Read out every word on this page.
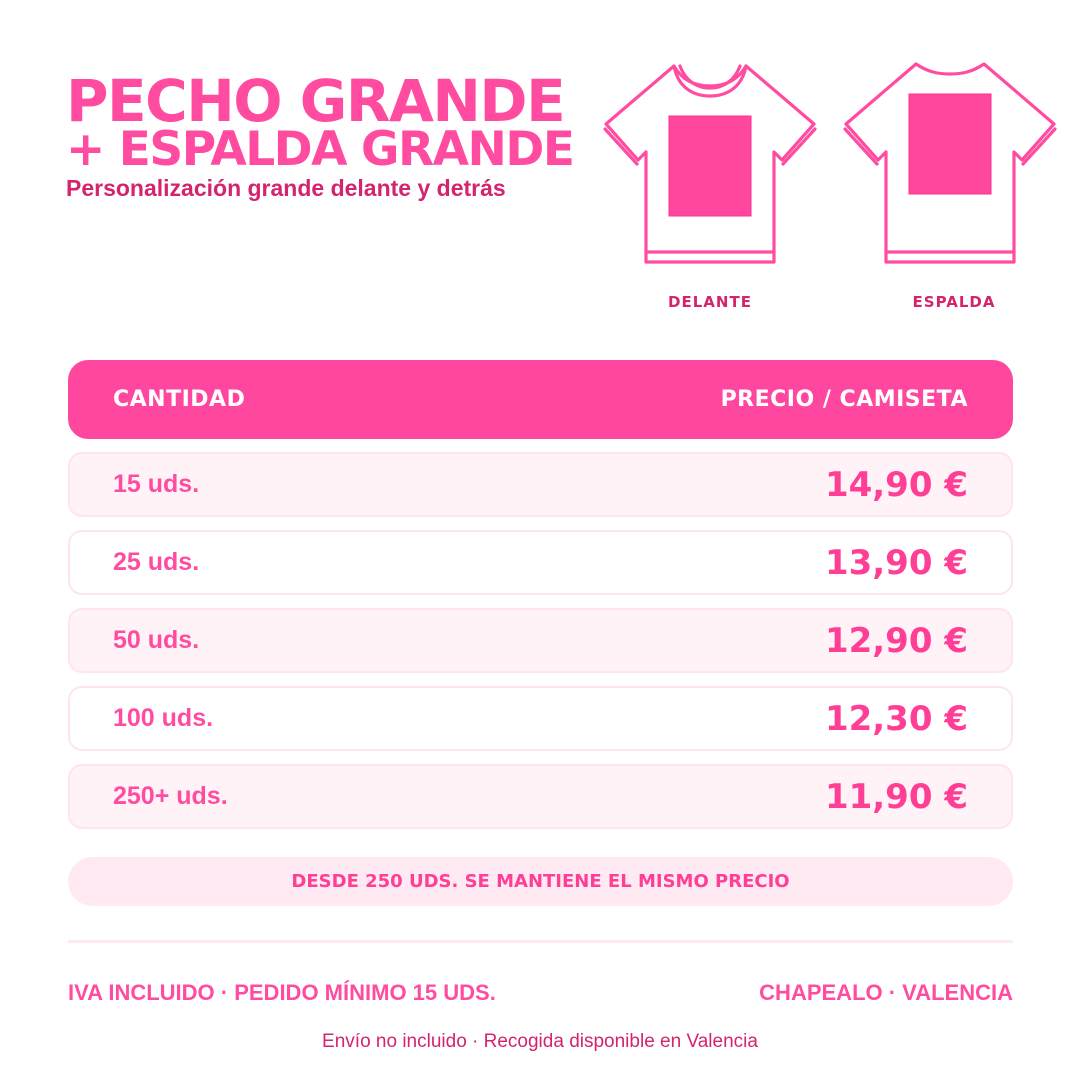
PECHO GRANDE
+ ESPALDA GRANDE
Personalización grande delante y detrás
DELANTE	ESPALDA
CANTIDAD	PRECIO / CAMISETA
15 uds.	14,90 €
25 uds.	13,90 €
50 uds.	12,90 €
100 uds.	12,30 €
250+ uds.	11,90 €
DESDE 250 UDS. SE MANTIENE EL MISMO PRECIO
IVA INCLUIDO · PEDIDO MÍNIMO 15 UDS.	CHAPEALO · VALENCIA
Envío no incluido · Recogida disponible en Valencia
